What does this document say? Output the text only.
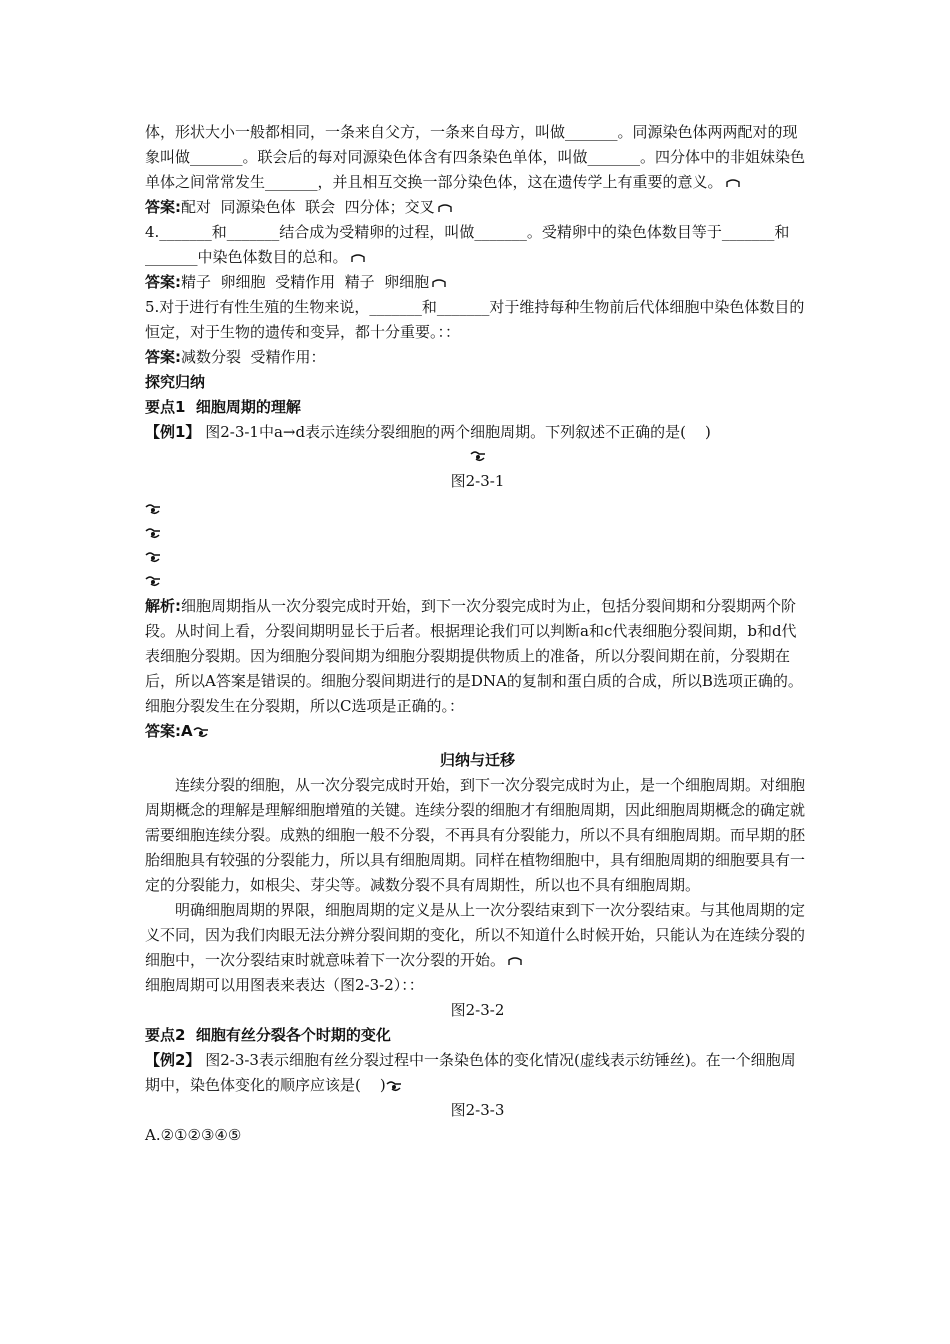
体，形状大小一般都相同，一条来自父方，一条来自母方，叫做_______。同源染色体两两配对的现象叫做_______。联会后的每对同源染色体含有四条染色单体，叫做_______。四分体中的非姐妹染色单体之间常常发生_______，并且相互交换一部分染色体，这在遗传学上有重要的意义。

答案:配对  同源染色体  联会  四分体；交叉

4._______和_______结合成为受精卵的过程，叫做_______。受精卵中的染色体数目等于_______和_______中染色体数目的总和。

答案:精子  卵细胞  受精作用  精子  卵细胞

5.对于进行有性生殖的生物来说，_______和_______对于维持每种生物前后代体细胞中染色体数目的恒定，对于生物的遗传和变异，都十分重要。：：

答案:减数分裂  受精作用：

探究归纳

要点1  细胞周期的理解

【例1】 图2-3-1中a→d表示连续分裂细胞的两个细胞周期。下列叙述不正确的是(    )

图2-3-1

解析:细胞周期指从一次分裂完成时开始，到下一次分裂完成时为止，包括分裂间期和分裂期两个阶段。从时间上看，分裂间期明显长于后者。根据理论我们可以判断a和c代表细胞分裂间期，b和d代表细胞分裂期。因为细胞分裂间期为细胞分裂期提供物质上的准备，所以分裂间期在前，分裂期在后，所以A答案是错误的。细胞分裂间期进行的是DNA的复制和蛋白质的合成，所以B选项正确的。细胞分裂发生在分裂期，所以C选项是正确的。：

答案:A

归纳与迁移

连续分裂的细胞，从一次分裂完成时开始，到下一次分裂完成时为止，是一个细胞周期。对细胞周期概念的理解是理解细胞增殖的关键。连续分裂的细胞才有细胞周期，因此细胞周期概念的确定就需要细胞连续分裂。成熟的细胞一般不分裂，不再具有分裂能力，所以不具有细胞周期。而早期的胚胎细胞具有较强的分裂能力，所以具有细胞周期。同样在植物细胞中，具有细胞周期的细胞要具有一定的分裂能力，如根尖、芽尖等。减数分裂不具有周期性，所以也不具有细胞周期。

明确细胞周期的界限，细胞周期的定义是从上一次分裂结束到下一次分裂结束。与其他周期的定义不同，因为我们肉眼无法分辨分裂间期的变化，所以不知道什么时候开始，只能认为在连续分裂的细胞中，一次分裂结束时就意味着下一次分裂的开始。

细胞周期可以用图表来表达（图2-3-2）：：

图2-3-2

要点2  细胞有丝分裂各个时期的变化

【例2】 图2-3-3表示细胞有丝分裂过程中一条染色体的变化情况(虚线表示纺锤丝)。在一个细胞周期中，染色体变化的顺序应该是(    )

图2-3-3

A.②①②③④⑤
